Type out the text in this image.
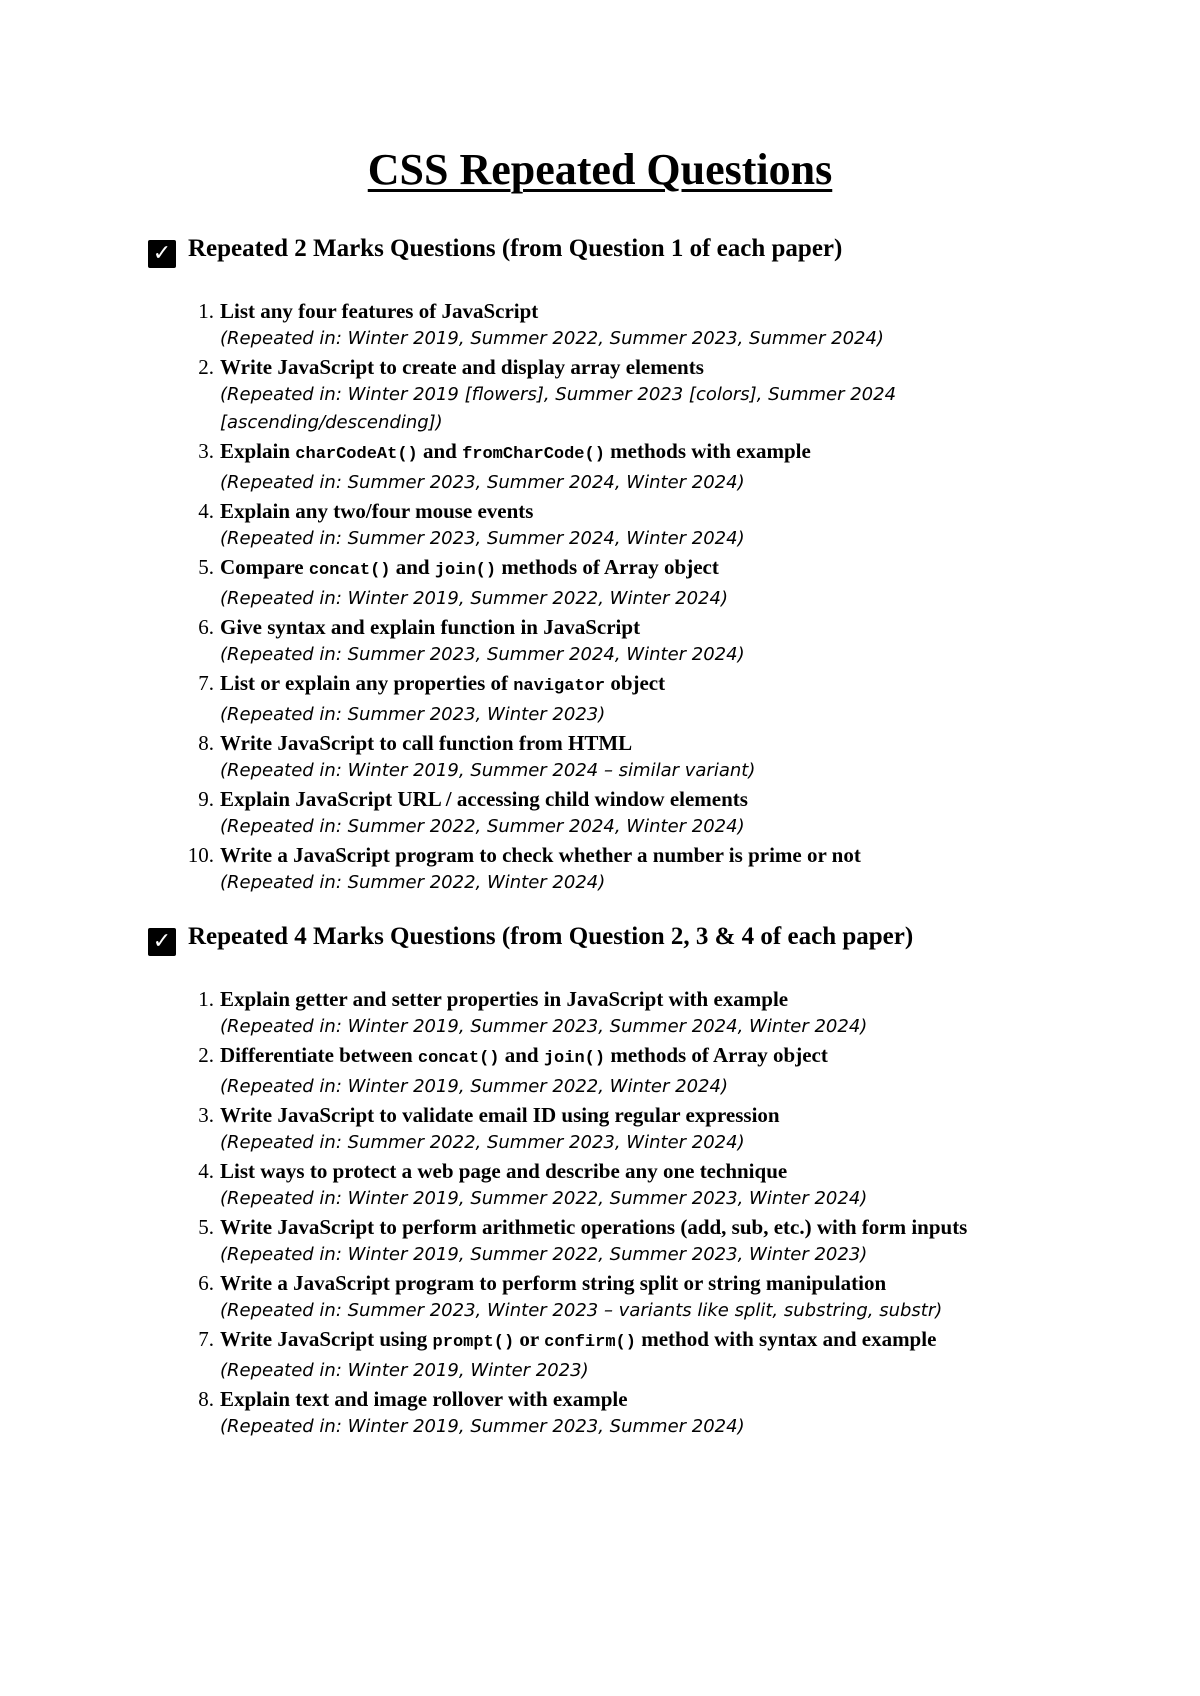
CSS Repeated Questions
✓ Repeated 2 Marks Questions (from Question 1 of each paper)
1. List any four features of JavaScript
(Repeated in: Winter 2019, Summer 2022, Summer 2023, Summer 2024)
2. Write JavaScript to create and display array elements
(Repeated in: Winter 2019 [flowers], Summer 2023 [colors], Summer 2024 [ascending/descending])
3. Explain charCodeAt() and fromCharCode() methods with example
(Repeated in: Summer 2023, Summer 2024, Winter 2024)
4. Explain any two/four mouse events
(Repeated in: Summer 2023, Summer 2024, Winter 2024)
5. Compare concat() and join() methods of Array object
(Repeated in: Winter 2019, Summer 2022, Winter 2024)
6. Give syntax and explain function in JavaScript
(Repeated in: Summer 2023, Summer 2024, Winter 2024)
7. List or explain any properties of navigator object
(Repeated in: Summer 2023, Winter 2023)
8. Write JavaScript to call function from HTML
(Repeated in: Winter 2019, Summer 2024 – similar variant)
9. Explain JavaScript URL / accessing child window elements
(Repeated in: Summer 2022, Summer 2024, Winter 2024)
10. Write a JavaScript program to check whether a number is prime or not
(Repeated in: Summer 2022, Winter 2024)
✓ Repeated 4 Marks Questions (from Question 2, 3 & 4 of each paper)
1. Explain getter and setter properties in JavaScript with example
(Repeated in: Winter 2019, Summer 2023, Summer 2024, Winter 2024)
2. Differentiate between concat() and join() methods of Array object
(Repeated in: Winter 2019, Summer 2022, Winter 2024)
3. Write JavaScript to validate email ID using regular expression
(Repeated in: Summer 2022, Summer 2023, Winter 2024)
4. List ways to protect a web page and describe any one technique
(Repeated in: Winter 2019, Summer 2022, Summer 2023, Winter 2024)
5. Write JavaScript to perform arithmetic operations (add, sub, etc.) with form inputs
(Repeated in: Winter 2019, Summer 2022, Summer 2023, Winter 2023)
6. Write a JavaScript program to perform string split or string manipulation
(Repeated in: Summer 2023, Winter 2023 – variants like split, substring, substr)
7. Write JavaScript using prompt() or confirm() method with syntax and example
(Repeated in: Winter 2019, Winter 2023)
8. Explain text and image rollover with example
(Repeated in: Winter 2019, Summer 2023, Summer 2024)
